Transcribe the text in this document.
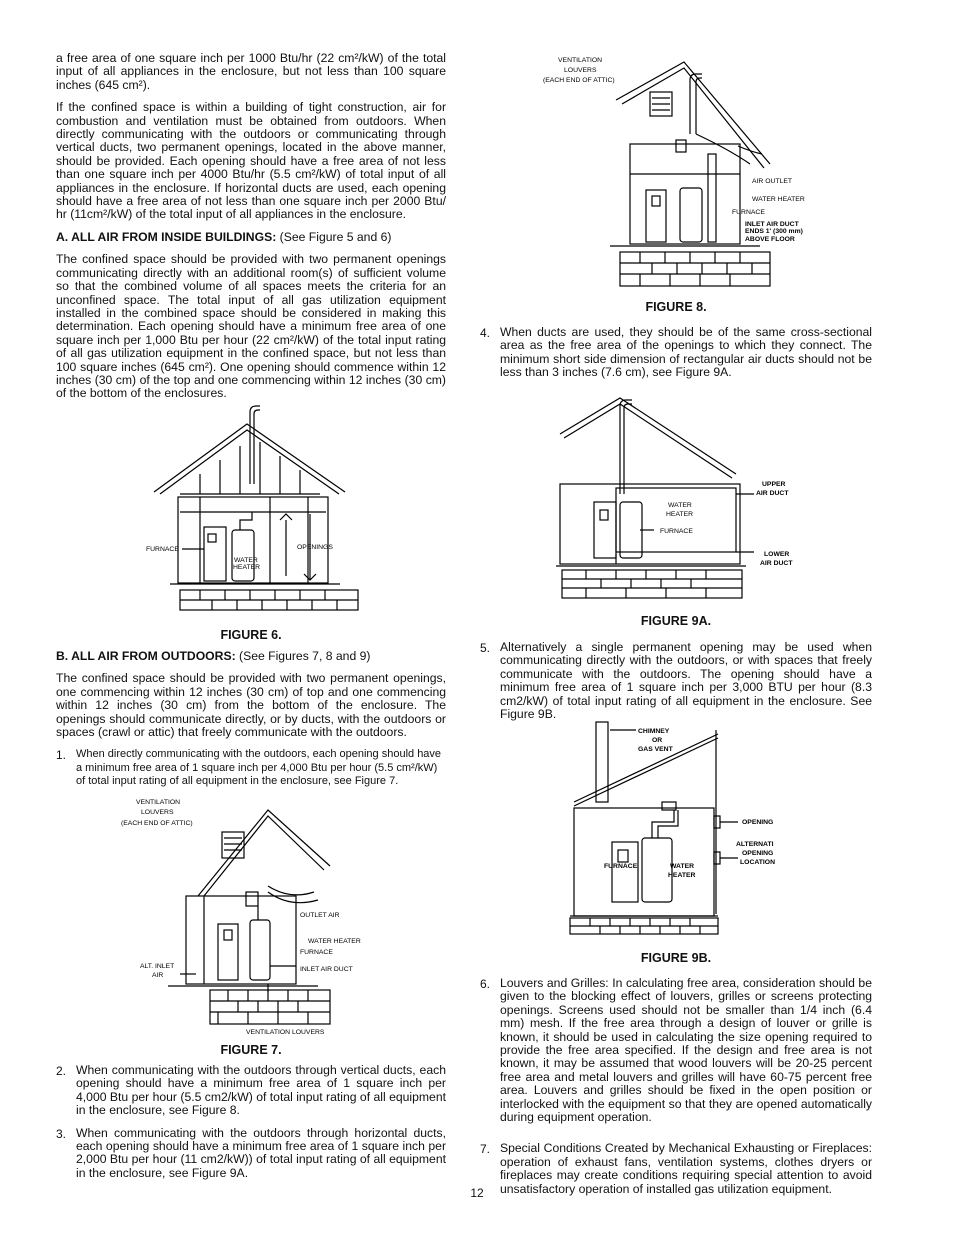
a free area of one square inch per 1000 Btu/hr (22 cm²/kW) of the total input of all appliances in the enclosure, but not less than 100 square inches (645 cm²).

If the confined space is within a building of tight construction, air for combustion and ventilation must be obtained from outdoors. When directly communicating with the outdoors or communicating through vertical ducts, two permanent openings, located in the above manner, should be provided. Each opening should have a free area of not less than one square inch per 4000 Btu/hr (5.5 cm²/kW) of total input of all appliances in the enclosure. If horizontal ducts are used, each opening should have a free area of not less than one square inch per 2000 Btu/ hr (11cm²/kW) of the total input of all appliances in the enclosure.

A. ALL AIR FROM INSIDE BUILDINGS: (See Figure 5 and 6)

The confined space should be provided with two permanent openings communicating directly with an additional room(s) of sufficient volume so that the combined volume of all spaces meets the criteria for an unconfined space. The total input of all gas utilization equipment installed in the combined space should be considered in making this determination. Each opening should have a minimum free area of one square inch per 1,000 Btu per hour (22 cm²/kW) of the total input rating of all gas utilization equipment in the confined space, but not less than 100 square inches (645 cm²). One opening should commence within 12 inches (30 cm) of the top and one commencing within 12 inches (30 cm) of the bottom of the enclosures.

FURNACE
WATER
HEATER
OPENINGS
FIGURE 6.

B. ALL AIR FROM OUTDOORS: (See Figures 7, 8 and 9)

The confined space should be provided with two permanent openings, one commencing within 12 inches (30 cm) of top and one commencing within 12 inches (30 cm) from the bottom of the enclosure. The openings should communicate directly, or by ducts, with the outdoors or spaces (crawl or attic) that freely communicate with the outdoors.

1. When directly communicating with the outdoors, each opening should have a minimum free area of 1 square inch per 4,000 Btu per hour (5.5 cm²/kW) of total input rating of all equipment in the enclosure, see Figure 7.

VENTILATION
LOUVERS
(EACH END OF ATTIC)
OUTLET AIR
WATER HEATER
FURNACE
INLET AIR DUCT
ALT. INLET
AIR
VENTILATION LOUVERS
FIGURE 7.
2. When communicating with the outdoors through vertical ducts, each opening should have a minimum free area of 1 square inch per 4,000 Btu per hour (5.5 cm2/kW) of total input rating of all equipment in the enclosure, see Figure 8.

3. When communicating with the outdoors through horizontal ducts, each opening should have a minimum free area of 1 square inch per 2,000 Btu per hour (11 cm2/kW)) of total input rating of all equipment in the enclosure, see Figure 9A.

VENTILATION
LOUVERS
(EACH END OF ATTIC)
AIR OUTLET
WATER HEATER
FURNACE
INLET AIR DUCT
ENDS 1' (300 mm)
ABOVE FLOOR
FIGURE 8.
4. When ducts are used, they should be of the same cross-sectional area as the free area of the openings to which they connect. The minimum short side dimension of rectangular air ducts should not be less than 3 inches (7.6 cm), see Figure 9A.

UPPER
AIR DUCT
WATER
HEATER
FURNACE
LOWER
AIR DUCT
FIGURE 9A.
5. Alternatively a single permanent opening may be used when communicating directly with the outdoors, or with spaces that freely communicate with the outdoors. The opening should have a minimum free area of 1 square inch per 3,000 BTU per hour (8.3 cm2/kW) of total input rating of all equipment in the enclosure. See Figure 9B.

CHIMNEY
OR
GAS VENT
OPENING
ALTERNATI
OPENING
LOCATION
FURNACE	WATER
HEATER
FIGURE 9B.
6. Louvers and Grilles: In calculating free area, consideration should be given to the blocking effect of louvers, grilles or screens protecting openings. Screens used should not be smaller than 1/4 inch (6.4 mm) mesh. If the free area through a design of louver or grille is known, it should be used in calculating the size opening required to provide the free area specified. If the design and free area is not known, it may be assumed that wood louvers will be 20-25 percent free area and metal louvers and grilles will have 60-75 percent free area. Louvers and grilles should be fixed in the open position or interlocked with the equipment so that they are opened automatically during equipment operation.

7. Special Conditions Created by Mechanical Exhausting or Fireplaces: operation of exhaust fans, ventilation systems, clothes dryers or fireplaces may create conditions requiring special attention to avoid unsatisfactory operation of installed gas utilization equipment.

12
